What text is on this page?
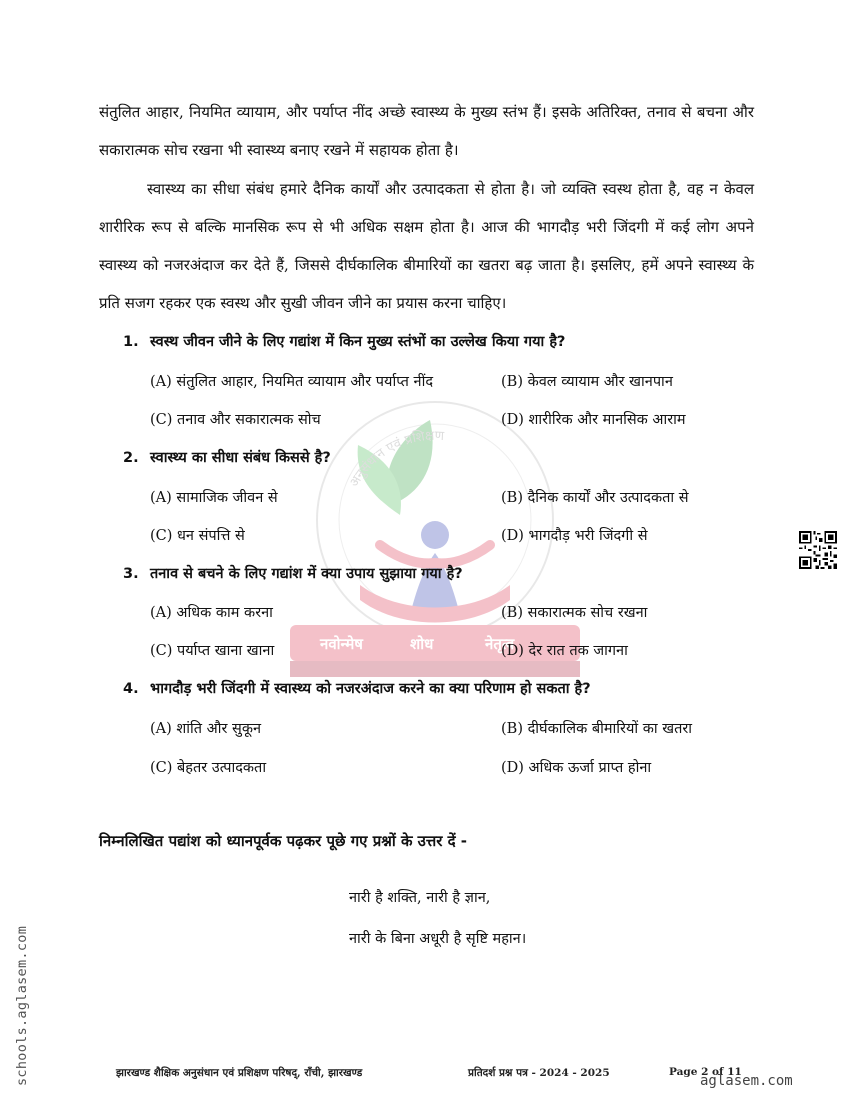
नवोन्मेष	शोध	नेतृत्व
अनुसंधान एवं प्रशिक्षण

संतुलित आहार, नियमित व्यायाम, और पर्याप्त नींद अच्छे स्वास्थ्य के मुख्य स्तंभ हैं। इसके अतिरिक्त, तनाव से बचना और सकारात्मक सोच रखना भी स्वास्थ्य बनाए रखने में सहायक होता है।

स्वास्थ्य का सीधा संबंध हमारे दैनिक कार्यों और उत्पादकता से होता है। जो व्यक्ति स्वस्थ होता है, वह न केवल शारीरिक रूप से बल्कि मानसिक रूप से भी अधिक सक्षम होता है। आज की भागदौड़ भरी जिंदगी में कई लोग अपने स्वास्थ्य को नजरअंदाज कर देते हैं, जिससे दीर्घकालिक बीमारियों का खतरा बढ़ जाता है। इसलिए, हमें अपने स्वास्थ्य के प्रति सजग रहकर एक स्वस्थ और सुखी जीवन जीने का प्रयास करना चाहिए।

1. स्वस्थ जीवन जीने के लिए गद्यांश में किन मुख्य स्तंभों का उल्लेख किया गया है?
(A) संतुलित आहार, नियमित व्यायाम और पर्याप्त नींद	(B) केवल व्यायाम और खानपान
(C) तनाव और सकारात्मक सोच	(D) शारीरिक और मानसिक आराम
2. स्वास्थ्य का सीधा संबंध किससे है?
(A) सामाजिक जीवन से	(B) दैनिक कार्यों और उत्पादकता से
(C) धन संपत्ति से	(D) भागदौड़ भरी जिंदगी से
3. तनाव से बचने के लिए गद्यांश में क्या उपाय सुझाया गया है?
(A) अधिक काम करना	(B) सकारात्मक सोच रखना
(C) पर्याप्त खाना खाना	(D) देर रात तक जागना
4. भागदौड़ भरी जिंदगी में स्वास्थ्य को नजरअंदाज करने का क्या परिणाम हो सकता है?
(A) शांति और सुकून	(B) दीर्घकालिक बीमारियों का खतरा
(C) बेहतर उत्पादकता	(D) अधिक ऊर्जा प्राप्त होना
निम्नलिखित पद्यांश को ध्यानपूर्वक पढ़कर पूछे गए प्रश्नों के उत्तर दें -
नारी है शक्ति, नारी है ज्ञान,
नारी के बिना अधूरी है सृष्टि महान।
schools.aglasem.com	झारखण्ड शैक्षिक अनुसंधान एवं प्रशिक्षण परिषद्, राँची, झारखण्ड	प्रतिदर्श प्रश्न पत्र - 2024 - 2025	Page 2 of 11
aglasem.com
